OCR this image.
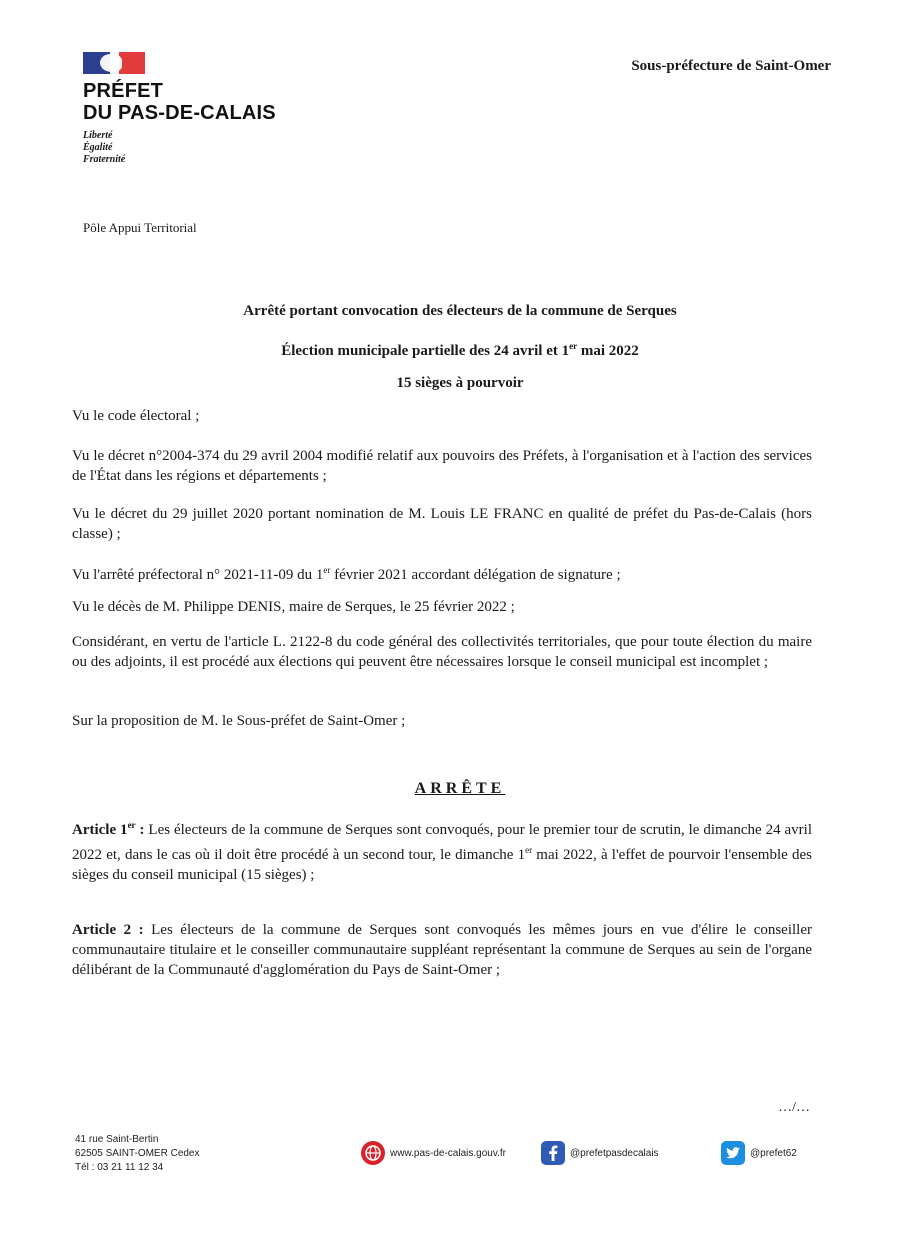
PRÉFET
DU PAS-DE-CALAIS
Liberté
Égalité
Fraternité
Sous-préfecture de Saint-Omer
Pôle Appui Territorial
Arrêté portant convocation des électeurs de la commune de Serques
Élection municipale partielle des 24 avril et 1er mai 2022
15 sièges à pourvoir
Vu le code électoral ;
Vu le décret n°2004-374 du 29 avril 2004 modifié relatif aux pouvoirs des Préfets, à l'organisation et à l'action des services de l'État dans les régions et départements ;
Vu le décret du 29 juillet 2020 portant nomination de M. Louis LE FRANC en qualité de préfet du Pas-de-Calais (hors classe) ;
Vu l'arrêté préfectoral n° 2021-11-09 du 1er février 2021 accordant délégation de signature ;
Vu le décès de M. Philippe DENIS, maire de Serques, le 25 février 2022 ;
Considérant, en vertu de l'article L. 2122-8 du code général des collectivités territoriales, que pour toute élection du maire ou des adjoints, il est procédé aux élections qui peuvent être nécessaires lorsque le conseil municipal est incomplet ;
Sur la proposition de M. le Sous-préfet de Saint-Omer ;
ARRÊTE
Article 1er : Les électeurs de la commune de Serques sont convoqués, pour le premier tour de scrutin, le dimanche 24 avril 2022 et, dans le cas où il doit être procédé à un second tour, le dimanche 1er mai 2022, à l'effet de pourvoir l'ensemble des sièges du conseil municipal (15 sièges) ;
Article 2 : Les électeurs de la commune de Serques sont convoqués les mêmes jours en vue d'élire le conseiller communautaire titulaire et le conseiller communautaire suppléant représentant la commune de Serques au sein de l'organe délibérant de la Communauté d'agglomération du Pays de Saint-Omer ;
…/…
41 rue Saint-Bertin
62505 SAINT-OMER Cedex
Tél : 03 21 11 12 34
www.pas-de-calais.gouv.fr	@prefetpasdecalais	@prefet62
